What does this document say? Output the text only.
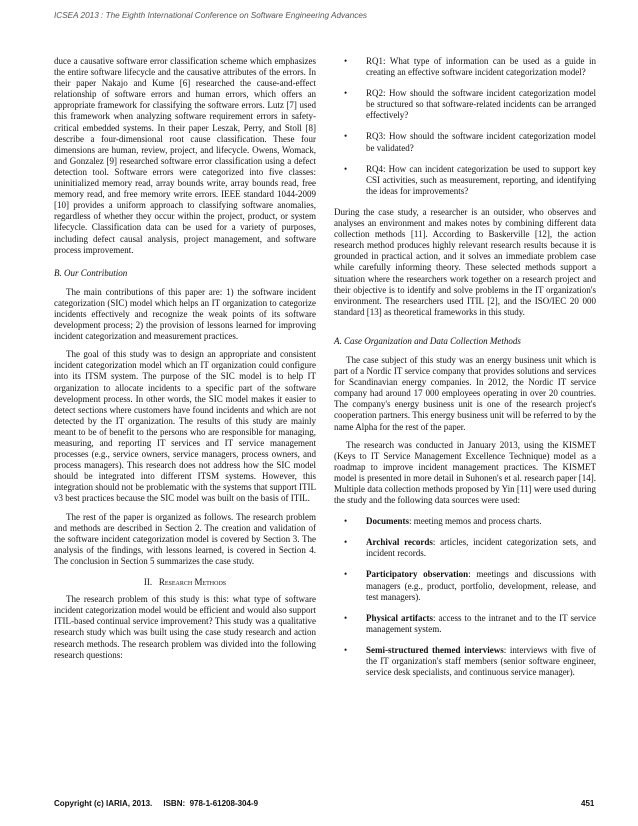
ICSEA 2013 : The Eighth International Conference on Software Engineering Advances

duce a causative software error classification scheme which emphasizes the entire software lifecycle and the causative attributes of the errors. In their paper Nakajo and Kume [6] researched the cause-and-effect relationship of software errors and human errors, which offers an appropriate framework for classifying the software errors. Lutz [7] used this framework when analyzing software requirement errors in safety-critical embedded systems. In their paper Leszak, Perry, and Stoll [8] describe a four-dimensional root cause classification. These four dimensions are human, review, project, and lifecycle. Owens, Womack, and Gonzalez [9] researched software error classification using a defect detection tool. Software errors were categorized into five classes: uninitialized memory read, array bounds write, array bounds read, free memory read, and free memory write errors. IEEE standard 1044-2009 [10] provides a uniform approach to classifying software anomalies, regardless of whether they occur within the project, product, or system lifecycle. Classification data can be used for a variety of purposes, including defect causal analysis, project management, and software process improvement.

B. Our Contribution

The main contributions of this paper are: 1) the software incident categorization (SIC) model which helps an IT organization to categorize incidents effectively and recognize the weak points of its software development process; 2) the provision of lessons learned for improving incident categorization and measurement practices.

The goal of this study was to design an appropriate and consistent incident categorization model which an IT organization could configure into its ITSM system. The purpose of the SIC model is to help IT organization to allocate incidents to a specific part of the software development process. In other words, the SIC model makes it easier to detect sections where customers have found incidents and which are not detected by the IT organization. The results of this study are mainly meant to be of benefit to the persons who are responsible for managing, measuring, and reporting IT services and IT service management processes (e.g., service owners, service managers, process owners, and process managers). This research does not address how the SIC model should be integrated into different ITSM systems. However, this integration should not be problematic with the systems that support ITIL v3 best practices because the SIC model was built on the basis of ITIL.

The rest of the paper is organized as follows. The research problem and methods are described in Section 2. The creation and validation of the software incident categorization model is covered by Section 3. The analysis of the findings, with lessons learned, is covered in Section 4. The conclusion in Section 5 summarizes the case study.

II. Research Methods

The research problem of this study is this: what type of software incident categorization model would be efficient and would also support ITIL-based continual service improvement? This study was a qualitative research study which was built using the case study research and action research methods. The research problem was divided into the following research questions:

• RQ1: What type of information can be used as a guide in creating an effective software incident categorization model?
• RQ2: How should the software incident categorization model be structured so that software-related incidents can be arranged effectively?
• RQ3: How should the software incident categorization model be validated?
• RQ4: How can incident categorization be used to support key CSI activities, such as measurement, reporting, and identifying the ideas for improvements?

During the case study, a researcher is an outsider, who observes and analyses an environment and makes notes by combining different data collection methods [11]. According to Baskerville [12], the action research method produces highly relevant research results because it is grounded in practical action, and it solves an immediate problem case while carefully informing theory. These selected methods support a situation where the researchers work together on a research project and their objective is to identify and solve problems in the IT organization's environment. The researchers used ITIL [2], and the ISO/IEC 20 000 standard [13] as theoretical frameworks in this study.

A. Case Organization and Data Collection Methods

The case subject of this study was an energy business unit which is part of a Nordic IT service company that provides solutions and services for Scandinavian energy companies. In 2012, the Nordic IT service company had around 17 000 employees operating in over 20 countries. The company's energy business unit is one of the research project's cooperation partners. This energy business unit will be referred to by the name Alpha for the rest of the paper.

The research was conducted in January 2013, using the KISMET (Keys to IT Service Management Excellence Technique) model as a roadmap to improve incident management practices. The KISMET model is presented in more detail in Suhonen's et al. research paper [14]. Multiple data collection methods proposed by Yin [11] were used during the study and the following data sources were used:

• Documents: meeting memos and process charts.
• Archival records: articles, incident categorization sets, and incident records.
• Participatory observation: meetings and discussions with managers (e.g., product, portfolio, development, release, and test managers).
• Physical artifacts: access to the intranet and to the IT service management system.
• Semi-structured themed interviews: interviews with five of the IT organization's staff members (senior software engineer, service desk specialists, and continuous service manager).
Copyright (c) IARIA, 2013.     ISBN:  978-1-61208-304-9	451
